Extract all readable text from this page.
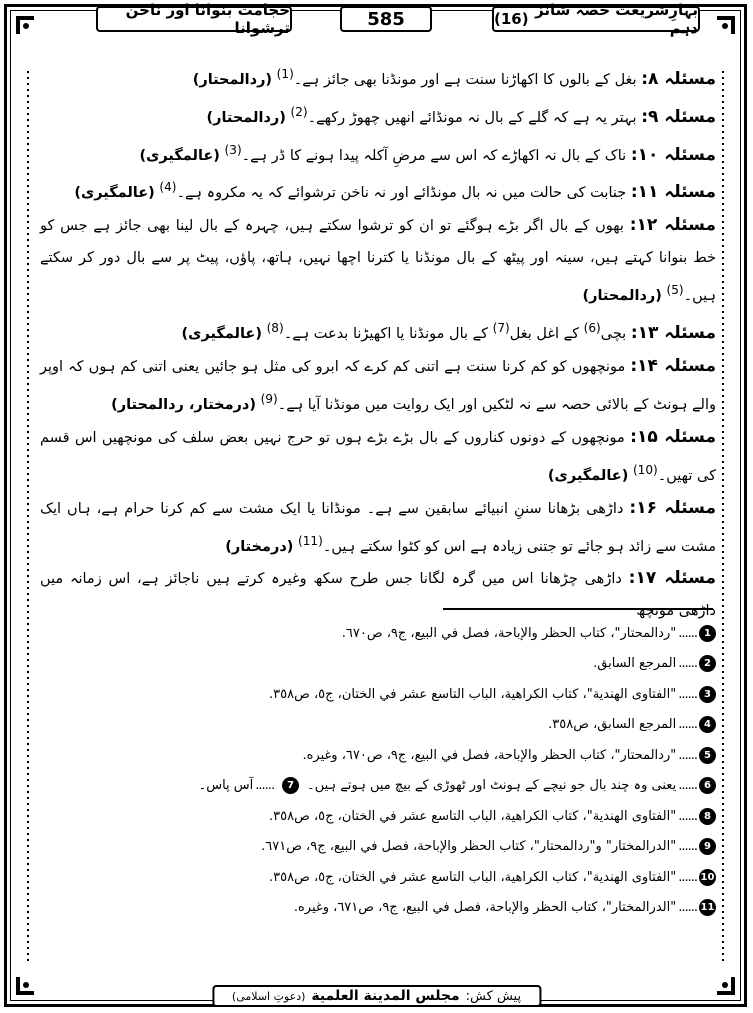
بہارِشریعت حصہ شانز دہم

(16)
585
حجامت بنوانا اور ناخن ترشوانا

مسئلہ ۸: بغل کے بالوں کا اکھاڑنا سنت ہے اور مونڈنا بھی جائز ہے۔$^{(1)}$ (ردالمحتار)

مسئلہ ۹: بہتر یہ ہے کہ گلے کے بال نہ مونڈائے انھیں چھوڑ رکھے۔$^{(2)}$ (ردالمحتار)

مسئلہ ۱۰: ناک کے بال نہ اکھاڑے کہ اس سے مرضِ آکلہ پیدا ہونے کا ڈر ہے۔$^{(3)}$ (عالمگیری)

مسئلہ ۱۱: جنابت کی حالت میں نہ بال مونڈائے اور نہ ناخن ترشوائے کہ یہ مکروہ ہے۔$^{(4)}$ (عالمگیری)

مسئلہ ۱۲: بھوں کے بال اگر بڑے ہوگئے تو ان کو ترشوا سکتے ہیں، چہرہ کے بال لینا بھی جائز ہے جس کو خط بنوانا کہتے ہیں، سینہ اور پیٹھ کے بال مونڈنا یا کترنا اچھا نہیں، ہاتھ، پاؤں، پیٹ پر سے بال دور کر سکتے ہیں۔$^{(5)}$ (ردالمحتار)

مسئلہ ۱۳: بچی$^{(6)}$ کے اغل بغل$^{(7)}$ کے بال مونڈنا یا اکھیڑنا بدعت ہے۔$^{(8)}$ (عالمگیری)

مسئلہ ۱۴: مونچھوں کو کم کرنا سنت ہے اتنی کم کرے کہ ابرو کی مثل ہو جائیں یعنی اتنی کم ہوں کہ اوپر والے ہونٹ کے بالائی حصہ سے نہ لٹکیں اور ایک روایت میں مونڈنا آیا ہے۔$^{(9)}$ (درمختار، ردالمحتار)

مسئلہ ۱۵: مونچھوں کے دونوں کناروں کے بال بڑے بڑے ہوں تو حرج نہیں بعض سلف کی مونچھیں اس قسم کی تھیں۔$^{(10)}$ (عالمگیری)

مسئلہ ۱۶: داڑھی بڑھانا سننِ انبیائے سابقین سے ہے۔ مونڈانا یا ایک مشت سے کم کرنا حرام ہے، ہاں ایک مشت سے زائد ہو جائے تو جتنی زیادہ ہے اس کو کٹوا سکتے ہیں۔$^{(11)}$ (درمختار)

مسئلہ ۱۷: داڑھی چڑھانا اس میں گرہ لگانا جس طرح سکھ وغیرہ کرتے ہیں ناجائز ہے، اس زمانہ میں داڑھی مونچھ

1
......
"ردالمحتار"، كتاب الحظر والإباحة، فصل في البيع، ج٩، ص٦٧٠.
2
......
المرجع السابق.
3
......
"الفتاوى الهندية"، كتاب الكراهية، الباب التاسع عشر في الختان، ج٥، ص٣٥٨.
4
......
المرجع السابق، ص٣٥٨.
5
......
"ردالمحتار"، كتاب الحظر والإباحة، فصل في البيع، ج٩، ص٦٧٠، وغيره.
6
......
یعنی وہ چند بال جو نیچے کے ہونٹ اور ٹھوڑی کے بیچ میں ہوتے ہیں۔
7
......
آس پاس۔
8
......
"الفتاوى الهندية"، كتاب الكراهية، الباب التاسع عشر في الختان، ج٥، ص٣٥٨.
9
......
"الدرالمختار" و"ردالمحتار"، كتاب الحظر والإباحة، فصل في البيع، ج٩، ص٦٧١.
10
......
"الفتاوى الهندية"، كتاب الكراهية، الباب التاسع عشر في الختان، ج٥، ص٣٥٨.
11
......
"الدرالمختار"، كتاب الحظر والإباحة، فصل في البيع، ج٩، ص٦٧١، وغيره.
پیش کش:
مجلس المدينة العلمية
(دعوتِ اسلامی)
